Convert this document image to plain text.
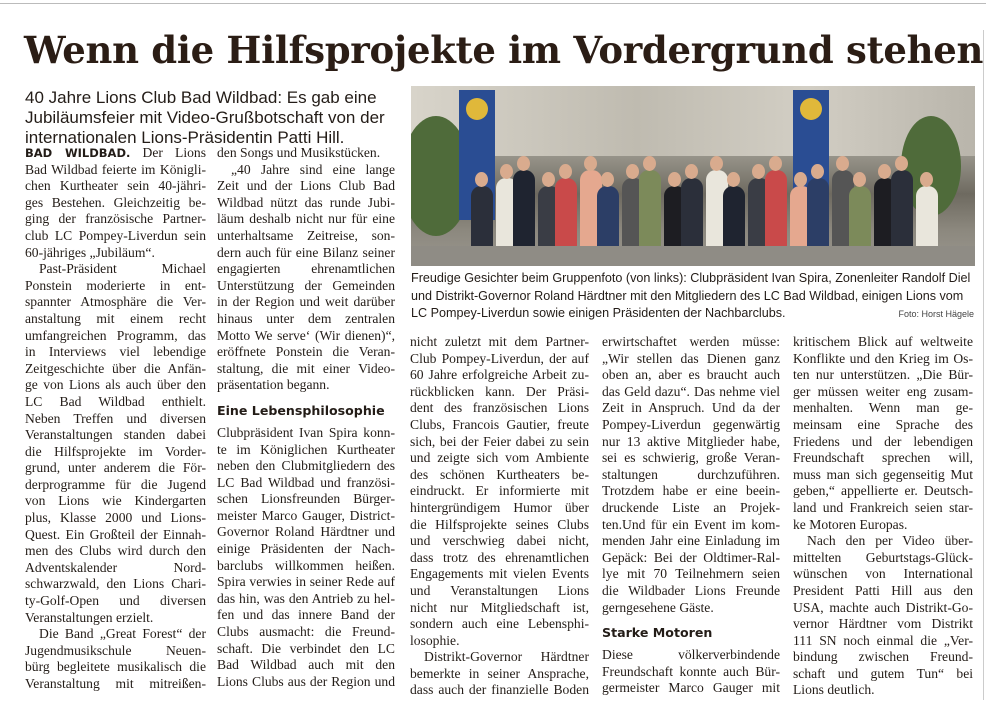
Wenn die Hilfsprojekte im Vordergrund stehen
40 Jahre Lions Club Bad Wildbad: Es gab eine Jubiläumsfeier mit Video-Grußbotschaft von der internationalen Lions-Präsidentin Patti Hill.
Freudige Gesichter beim Gruppenfoto (von links): Clubpräsident Ivan Spira, Zonenleiter Randolf Diel und Distrikt-Governor Roland Härdtner mit den Mitgliedern des LC Bad Wildbad, einigen Lions vom LC Pompey-Liverdun sowie einigen Präsidenten der Nachbarclubs.	Foto: Horst Hägele
BAD WILDBAD. Der Lions
Bad Wildbad feierte im Königli-
chen Kurtheater sein 40-jähri-
ges Bestehen. Gleichzeitig be-
ging der französische Partner-
club LC Pompey-Liverdun sein
60-jähriges „Jubiläum“.
Past-Präsident Michael
Ponstein moderierte in ent-
spannter Atmosphäre die Ver-
anstaltung mit einem recht
umfangreichen Programm, das
in Interviews viel lebendige
Zeitgeschichte über die Anfän-
ge von Lions als auch über den
LC Bad Wildbad enthielt.
Neben Treffen und diversen
Veranstaltungen standen dabei
die Hilfsprojekte im Vorder-
grund, unter anderem die För-
derprogramme für die Jugend
von Lions wie Kindergarten
plus, Klasse 2000 und Lions-
Quest. Ein Großteil der Einnah-
men des Clubs wird durch den
Adventskalender Nord-
schwarzwald, den Lions Chari-
ty-Golf-Open und diversen
Veranstaltungen erzielt.
Die Band „Great Forest“ der
Jugendmusikschule Neuen-
bürg begleitete musikalisch die
Veranstaltung mit mitreißen-
den Songs und Musikstücken.
„40 Jahre sind eine lange
Zeit und der Lions Club Bad
Wildbad nützt das runde Jubi-
läum deshalb nicht nur für eine
unterhaltsame Zeitreise, son-
dern auch für eine Bilanz seiner
engagierten ehrenamtlichen
Unterstützung der Gemeinden
in der Region und weit darüber
hinaus unter dem zentralen
Motto We serve‘ (Wir dienen)“,
eröffnete Ponstein die Veran-
staltung, die mit einer Video-
präsentation begann.
Eine Lebensphilosophie
Clubpräsident Ivan Spira konn-
te im Königlichen Kurtheater
neben den Clubmitgliedern des
LC Bad Wildbad und französi-
schen Lionsfreunden Bürger-
meister Marco Gauger, District-
Governor Roland Härdtner und
einige Präsidenten der Nach-
barclubs willkommen heißen.
Spira verwies in seiner Rede auf
das hin, was den Antrieb zu hel-
fen und das innere Band der
Clubs ausmacht: die Freund-
schaft. Die verbindet den LC
Bad Wildbad auch mit den
Lions Clubs aus der Region und
nicht zuletzt mit dem Partner-
Club Pompey-Liverdun, der auf
60 Jahre erfolgreiche Arbeit zu-
rückblicken kann. Der Präsi-
dent des französischen Lions
Clubs, Francois Gautier, freute
sich, bei der Feier dabei zu sein
und zeigte sich vom Ambiente
des schönen Kurtheaters be-
eindruckt. Er informierte mit
hintergründigem Humor über
die Hilfsprojekte seines Clubs
und verschwieg dabei nicht,
dass trotz des ehrenamtlichen
Engagements mit vielen Events
und Veranstaltungen Lions
nicht nur Mitgliedschaft ist,
sondern auch eine Lebensphi-
losophie.
Distrikt-Governor Härdtner
bemerkte in seiner Ansprache,
dass auch der finanzielle Boden
erwirtschaftet werden müsse:
„Wir stellen das Dienen ganz
oben an, aber es braucht auch
das Geld dazu“. Das nehme viel
Zeit in Anspruch. Und da der
Pompey-Liverdun gegenwärtig
nur 13 aktive Mitglieder habe,
sei es schwierig, große Veran-
staltungen durchzuführen.
Trotzdem habe er eine beein-
druckende Liste an Projek-
ten.Und für ein Event im kom-
menden Jahr eine Einladung im
Gepäck: Bei der Oldtimer-Ral-
lye mit 70 Teilnehmern seien
die Wildbader Lions Freunde
gerngesehene Gäste.
Starke Motoren
Diese völkerverbindende
Freundschaft konnte auch Bür-
germeister Marco Gauger mit
kritischem Blick auf weltweite
Konflikte und den Krieg im Os-
ten nur unterstützen. „Die Bür-
ger müssen weiter eng zusam-
menhalten. Wenn man ge-
meinsam eine Sprache des
Friedens und der lebendigen
Freundschaft sprechen will,
muss man sich gegenseitig Mut
geben,“ appellierte er. Deutsch-
land und Frankreich seien star-
ke Motoren Europas.
Nach den per Video über-
mittelten Geburtstags-Glück-
wünschen von International
President Patti Hill aus den
USA, machte auch Distrikt-Go-
vernor Härdtner vom Distrikt
111 SN noch einmal die „Ver-
bindung zwischen Freund-
schaft und gutem Tun“ bei
Lions deutlich.
